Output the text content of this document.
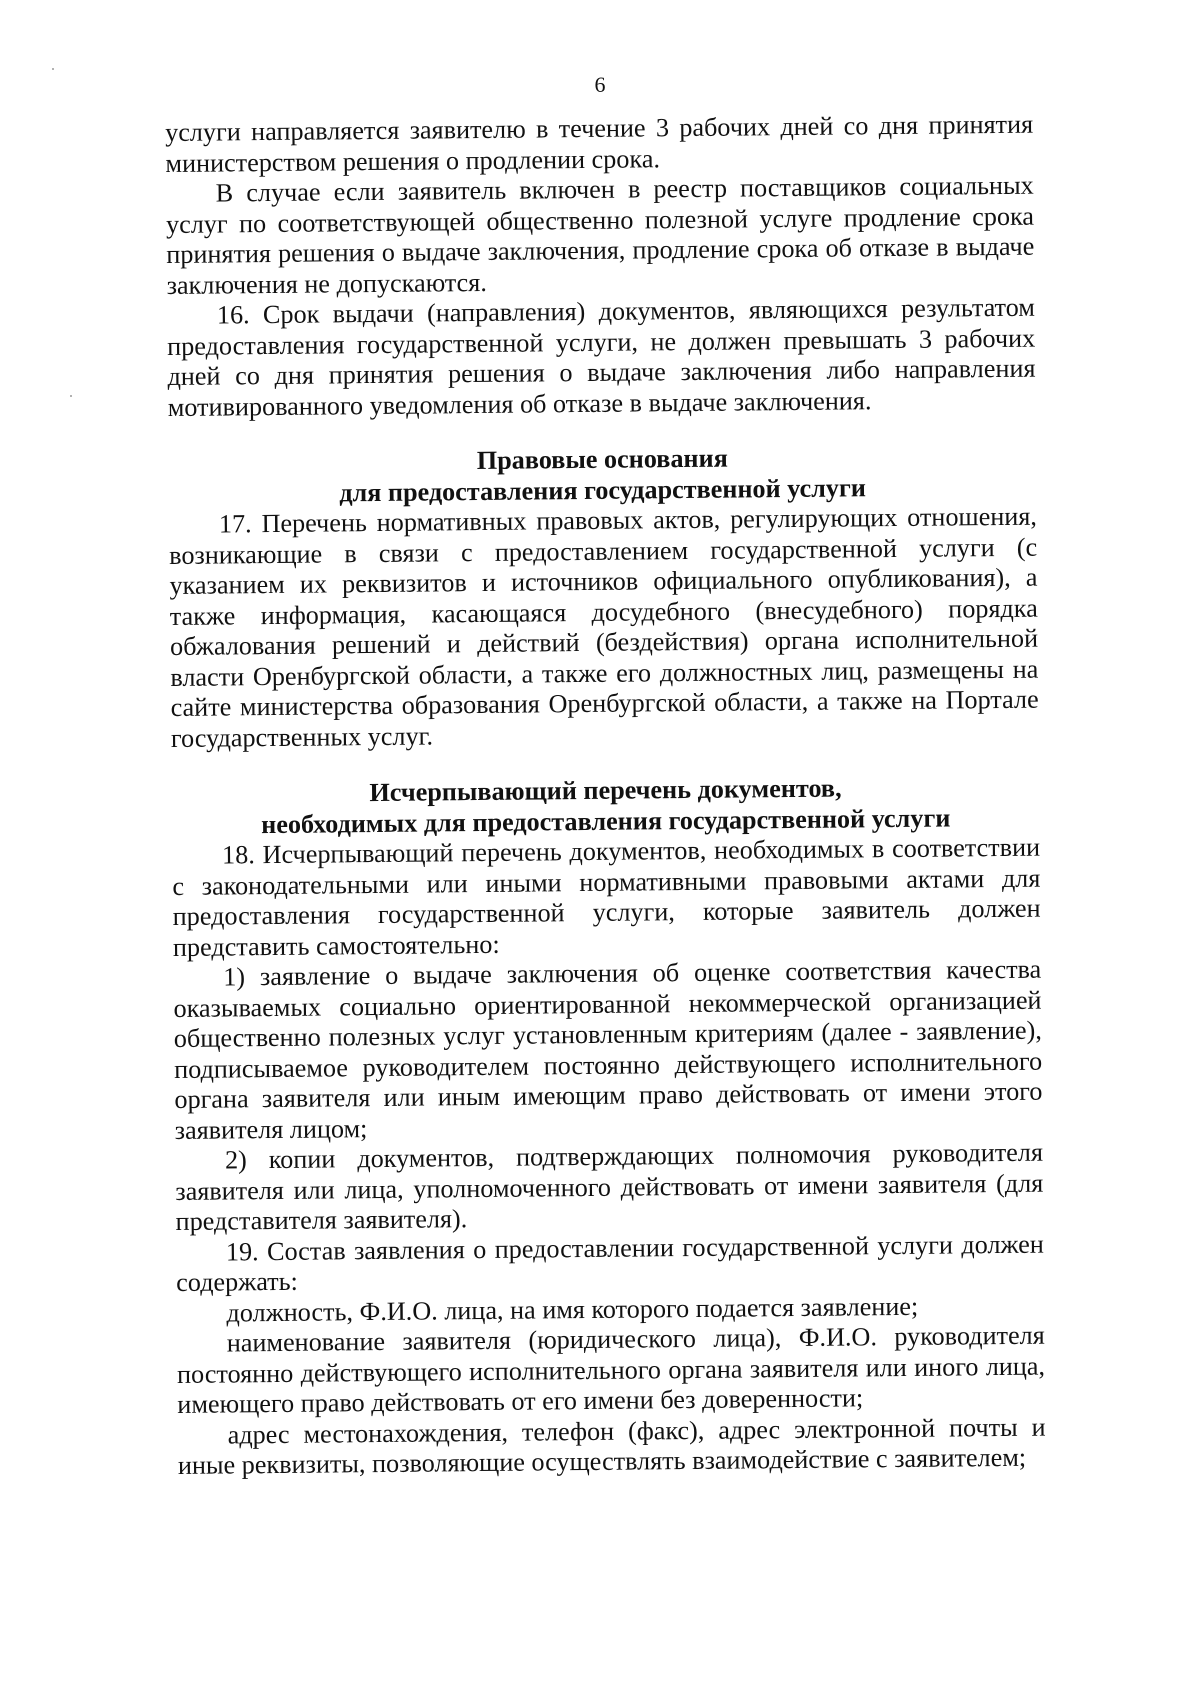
6

услуги направляется заявителю в течение 3 рабочих дней со дня принятия министерством решения о продлении срока.

В случае если заявитель включен в реестр поставщиков социальных услуг по соответствующей общественно полезной услуге продление срока принятия решения о выдаче заключения, продление срока об отказе в выдаче заключения не допускаются.

16. Срок выдачи (направления) документов, являющихся результатом предоставления государственной услуги, не должен превышать 3 рабочих дней со дня принятия решения о выдаче заключения либо направления мотивированного уведомления об отказе в выдаче заключения.

Правовые основания
для предоставления государственной услуги

17. Перечень нормативных правовых актов, регулирующих отношения, возникающие в связи с предоставлением государственной услуги (с указанием их реквизитов и источников официального опубликования), а также информация, касающаяся досудебного (внесудебного) порядка обжалования решений и действий (бездействия) органа исполнительной власти Оренбургской области, а также его должностных лиц, размещены на сайте министерства образования Оренбургской области, а также на Портале государственных услуг.

Исчерпывающий перечень документов,
необходимых для предоставления государственной услуги

18. Исчерпывающий перечень документов, необходимых в соответствии с законодательными или иными нормативными правовыми актами для предоставления государственной услуги, которые заявитель должен представить самостоятельно:

1) заявление о выдаче заключения об оценке соответствия качества оказываемых социально ориентированной некоммерческой организацией общественно полезных услуг установленным критериям (далее - заявление), подписываемое руководителем постоянно действующего исполнительного органа заявителя или иным имеющим право действовать от имени этого заявителя лицом;

2) копии документов, подтверждающих полномочия руководителя заявителя или лица, уполномоченного действовать от имени заявителя (для представителя заявителя).

19. Состав заявления о предоставлении государственной услуги должен содержать:

должность, Ф.И.О. лица, на имя которого подается заявление;

наименование заявителя (юридического лица), Ф.И.О. руководителя постоянно действующего исполнительного органа заявителя или иного лица, имеющего право действовать от его имени без доверенности;

адрес местонахождения, телефон (факс), адрес электронной почты и иные реквизиты, позволяющие осуществлять взаимодействие с заявителем;
